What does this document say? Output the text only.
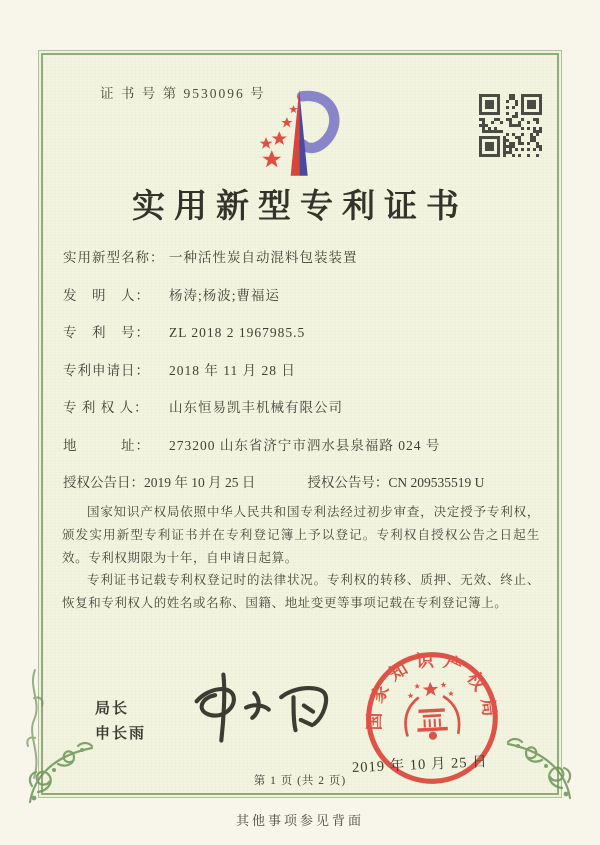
证 书 号 第 9530096 号
实用新型专利证书
实用新型名称： 一种活性炭自动混料包装装置
发　明　人：	杨涛;杨波;曹福运
专　利　号：	ZL 2018 2 1967985.5
专利申请日：	2018 年 11 月 28 日
专 利 权 人：	山东恒易凯丰机械有限公司
地　　　址：	273200 山东省济宁市泗水县泉福路 024 号
授权公告日： 2019 年 10 月 25 日	授权公告号： CN 209535519 U

国家知识产权局依照中华人民共和国专利法经过初步审查，决定授予专利权，颁发实用新型专利证书并在专利登记簿上予以登记。专利权自授权公告之日起生效。专利权期限为十年，自申请日起算。

专利证书记载专利权登记时的法律状况。专利权的转移、质押、无效、终止、恢复和专利权人的姓名或名称、国籍、地址变更等事项记载在专利登记簿上。

局长
申长雨
国家知识产权局
2019 年 10 月 25 日
第 1 页 (共 2 页)
其他事项参见背面
